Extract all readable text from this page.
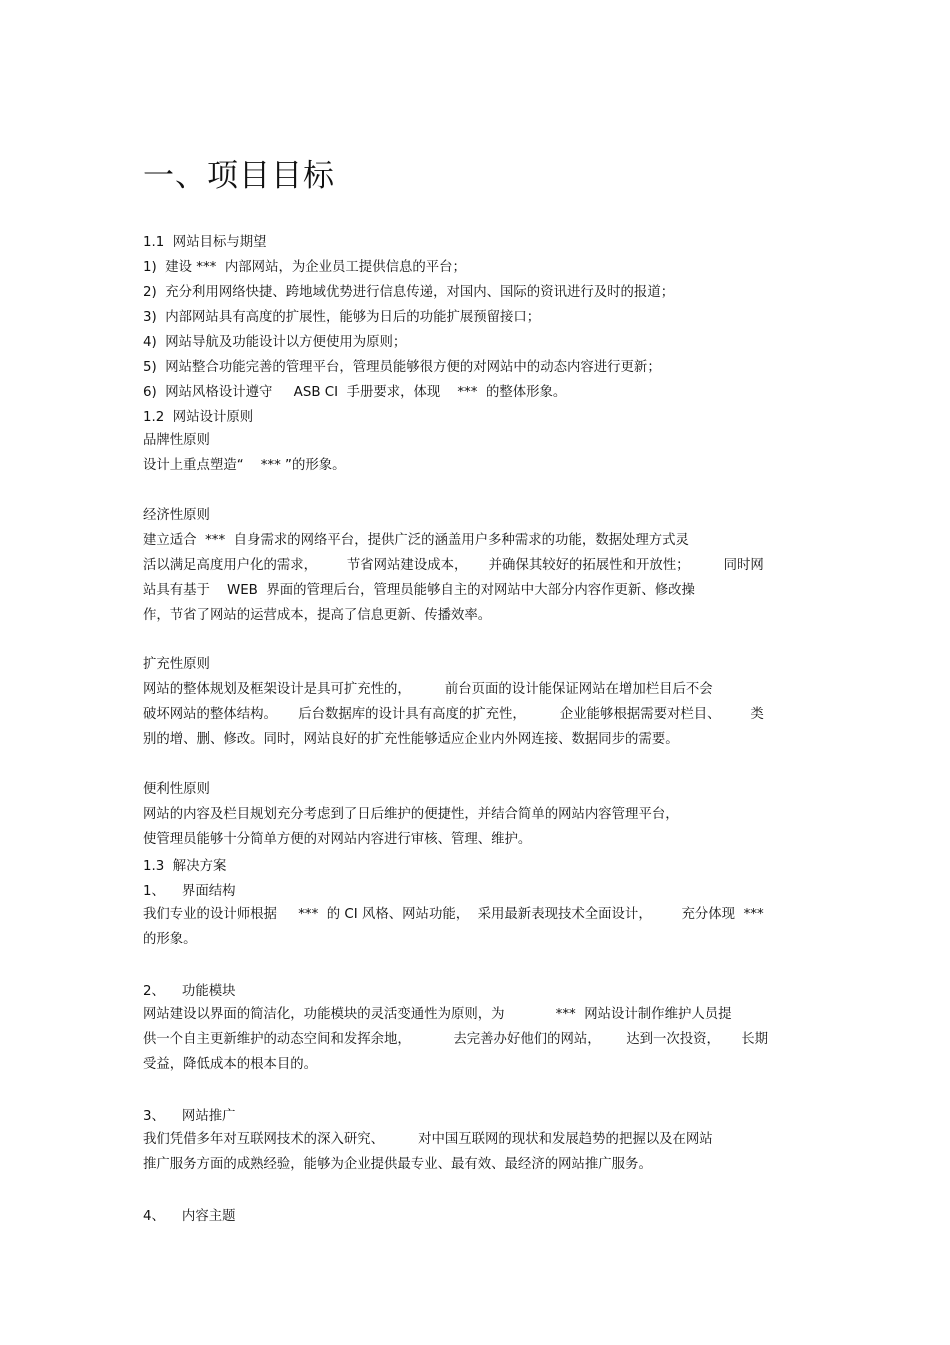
一、项目目标

1.1  网站目标与期望

1)  建设 ***  内部网站，为企业员工提供信息的平台；

2)  充分利用网络快捷、跨地域优势进行信息传递，对国内、国际的资讯进行及时的报道；

3)  内部网站具有高度的扩展性，能够为日后的功能扩展预留接口；

4)  网站导航及功能设计以方便使用为原则；

5)  网站整合功能完善的管理平台，管理员能够很方便的对网站中的动态内容进行更新；

6)  网站风格设计遵守     ASB CI  手册要求，体现    ***  的整体形象。

1.2  网站设计原则

品牌性原则

设计上重点塑造“    *** ”的形象。

经济性原则

建立适合  ***  自身需求的网络平台，提供广泛的涵盖用户多种需求的功能，数据处理方式灵

活以满足高度用户化的需求，       节省网站建设成本，     并确保其较好的拓展性和开放性；        同时网

站具有基于    WEB  界面的管理后台，管理员能够自主的对网站中大部分内容作更新、修改操

作，节省了网站的运营成本，提高了信息更新、传播效率。

扩充性原则

网站的整体规划及框架设计是具可扩充性的，        前台页面的设计能保证网站在增加栏目后不会

破坏网站的整体结构。     后台数据库的设计具有高度的扩充性，        企业能够根据需要对栏目、       类

别的增、删、修改。同时，网站良好的扩充性能够适应企业内外网连接、数据同步的需要。

便利性原则

网站的内容及栏目规划充分考虑到了日后维护的便捷性，并结合简单的网站内容管理平台，

使管理员能够十分简单方便的对网站内容进行审核、管理、维护。

1.3  解决方案

1、    界面结构

我们专业的设计师根据     ***  的 CI 风格、网站功能，  采用最新表现技术全面设计，       充分体现  ***

的形象。

2、    功能模块

网站建设以界面的简洁化，功能模块的灵活变通性为原则，为            ***  网站设计制作维护人员提

供一个自主更新维护的动态空间和发挥余地，          去完善办好他们的网站，      达到一次投资，     长期

受益，降低成本的根本目的。

3、    网站推广

我们凭借多年对互联网技术的深入研究、        对中国互联网的现状和发展趋势的把握以及在网站

推广服务方面的成熟经验，能够为企业提供最专业、最有效、最经济的网站推广服务。

4、    内容主题
